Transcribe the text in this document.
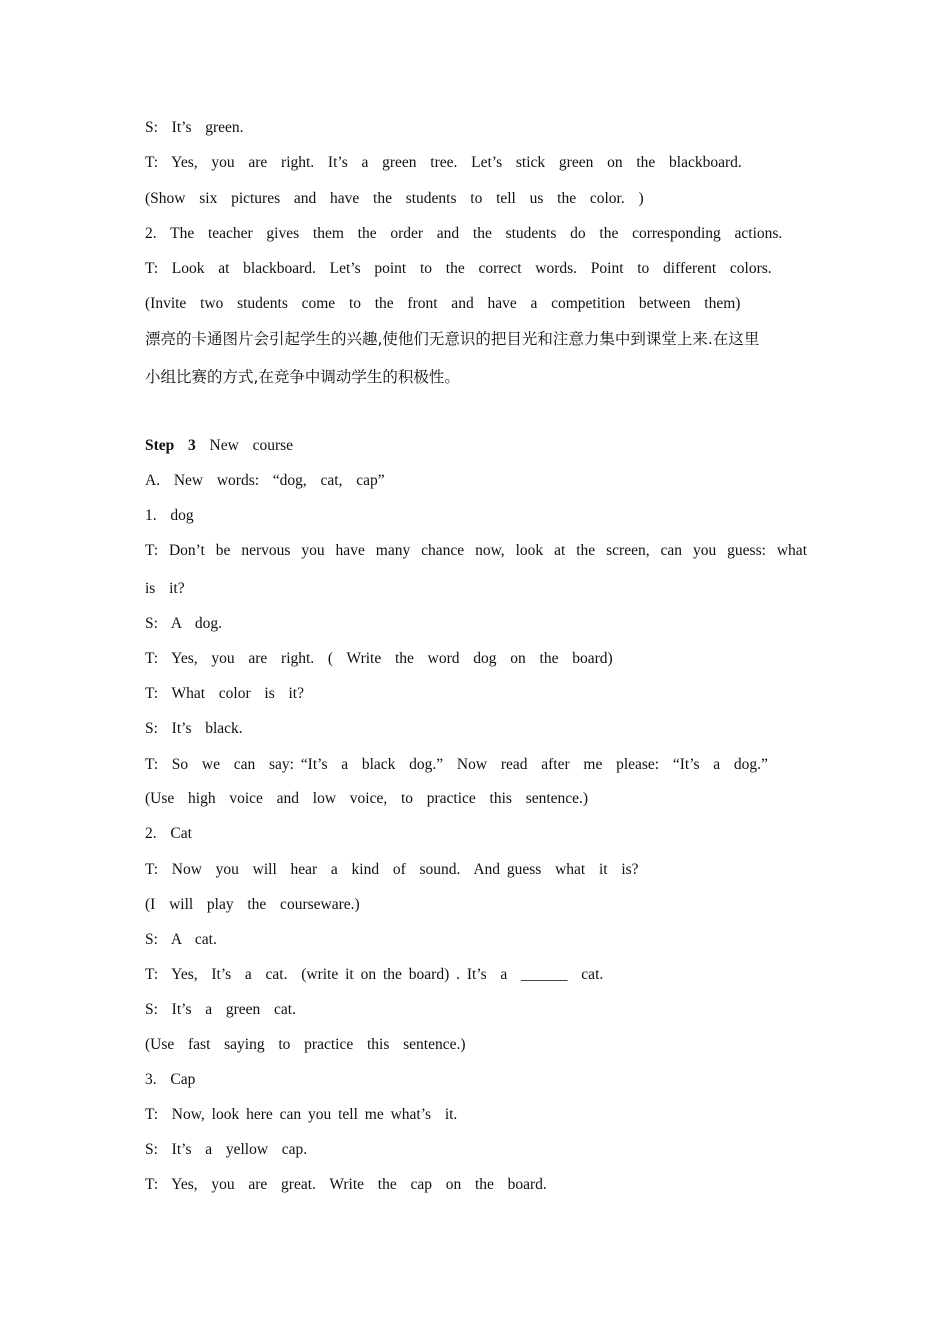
S:  It’s  green.
T:  Yes,  you  are  right.  It’s  a  green  tree.  Let’s  stick  green  on  the  blackboard.
(Show  six  pictures  and  have  the  students  to  tell  us  the  color.  )
2.  The  teacher  gives  them  the  order  and  the  students  do  the  corresponding  actions.
T:  Look  at  blackboard.  Let’s  point  to  the  correct  words.  Point  to  different  colors.
(Invite  two  students  come  to  the  front  and  have  a  competition  between  them)
漂亮的卡通图片会引起学生的兴趣,使他们无意识的把目光和注意力集中到课堂上来.在这里
小组比赛的方式,在竞争中调动学生的积极性。
Step  3 New  course
A.  New  words:  “dog,  cat,  cap”
1.  dog
T: Don’t be nervous you have many chance now, look at the screen, can you guess: what
is  it?
S:  A  dog.
T:  Yes,  you  are  right.  (  Write  the  word  dog  on  the  board)
T:  What  color  is  it?
S:  It’s  black.
T:  So  we  can  say: “It’s  a  black  dog.”  Now  read  after  me  please:  “It’s  a  dog.”
(Use  high  voice  and  low  voice,  to  practice  this  sentence.)
2.  Cat
T:  Now  you  will  hear  a  kind  of  sound.  And guess  what  it  is?
(I  will  play  the  courseware.)
S:  A  cat.
T:  Yes,  It’s  a  cat.  (write it on the board) . It’s  a  ______  cat.
S:  It’s  a  green  cat.
(Use  fast  saying  to  practice  this  sentence.)
3.  Cap
T:  Now, look here can you tell me what’s  it.
S:  It’s  a  yellow  cap.
T:  Yes,  you  are  great.  Write  the  cap  on  the  board.
